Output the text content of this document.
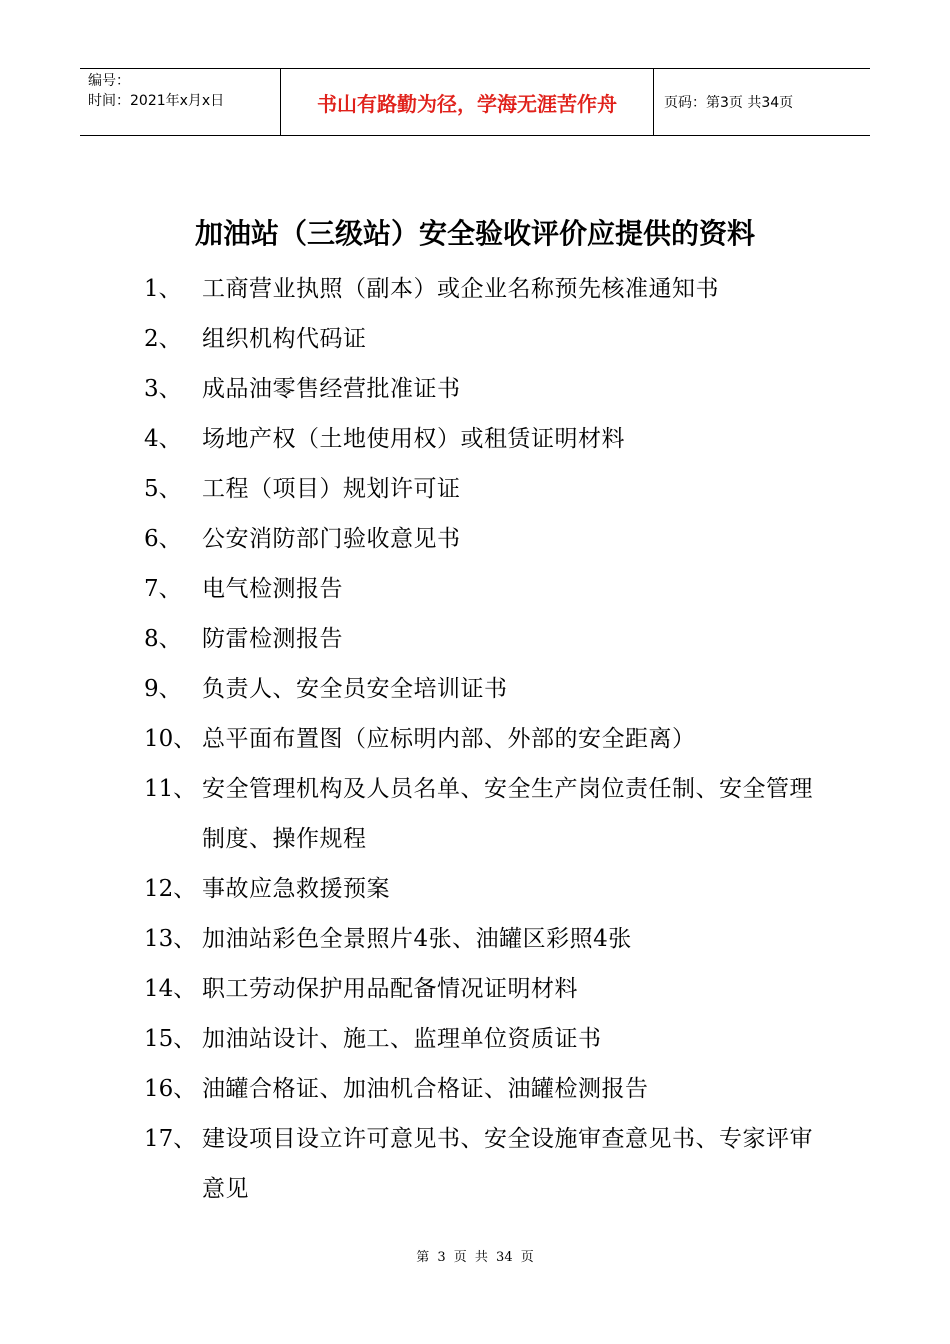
编号：
时间：2021年x月x日	书山有路勤为径，学海无涯苦作舟	页码：第3页 共34页
加油站（三级站）安全验收评价应提供的资料
1、 工商营业执照（副本）或企业名称预先核准通知书
2、 组织机构代码证
3、 成品油零售经营批准证书
4、 场地产权（土地使用权）或租赁证明材料
5、 工程（项目）规划许可证
6、 公安消防部门验收意见书
7、 电气检测报告
8、 防雷检测报告
9、 负责人、安全员安全培训证书
10、 总平面布置图（应标明内部、外部的安全距离）
11、 安全管理机构及人员名单、安全生产岗位责任制、安全管理制度、操作规程
12、 事故应急救援预案
13、 加油站彩色全景照片4张、油罐区彩照4张
14、 职工劳动保护用品配备情况证明材料
15、 加油站设计、施工、监理单位资质证书
16、 油罐合格证、加油机合格证、油罐检测报告
17、 建设项目设立许可意见书、安全设施审查意见书、专家评审意见
第 3 页 共 34 页
